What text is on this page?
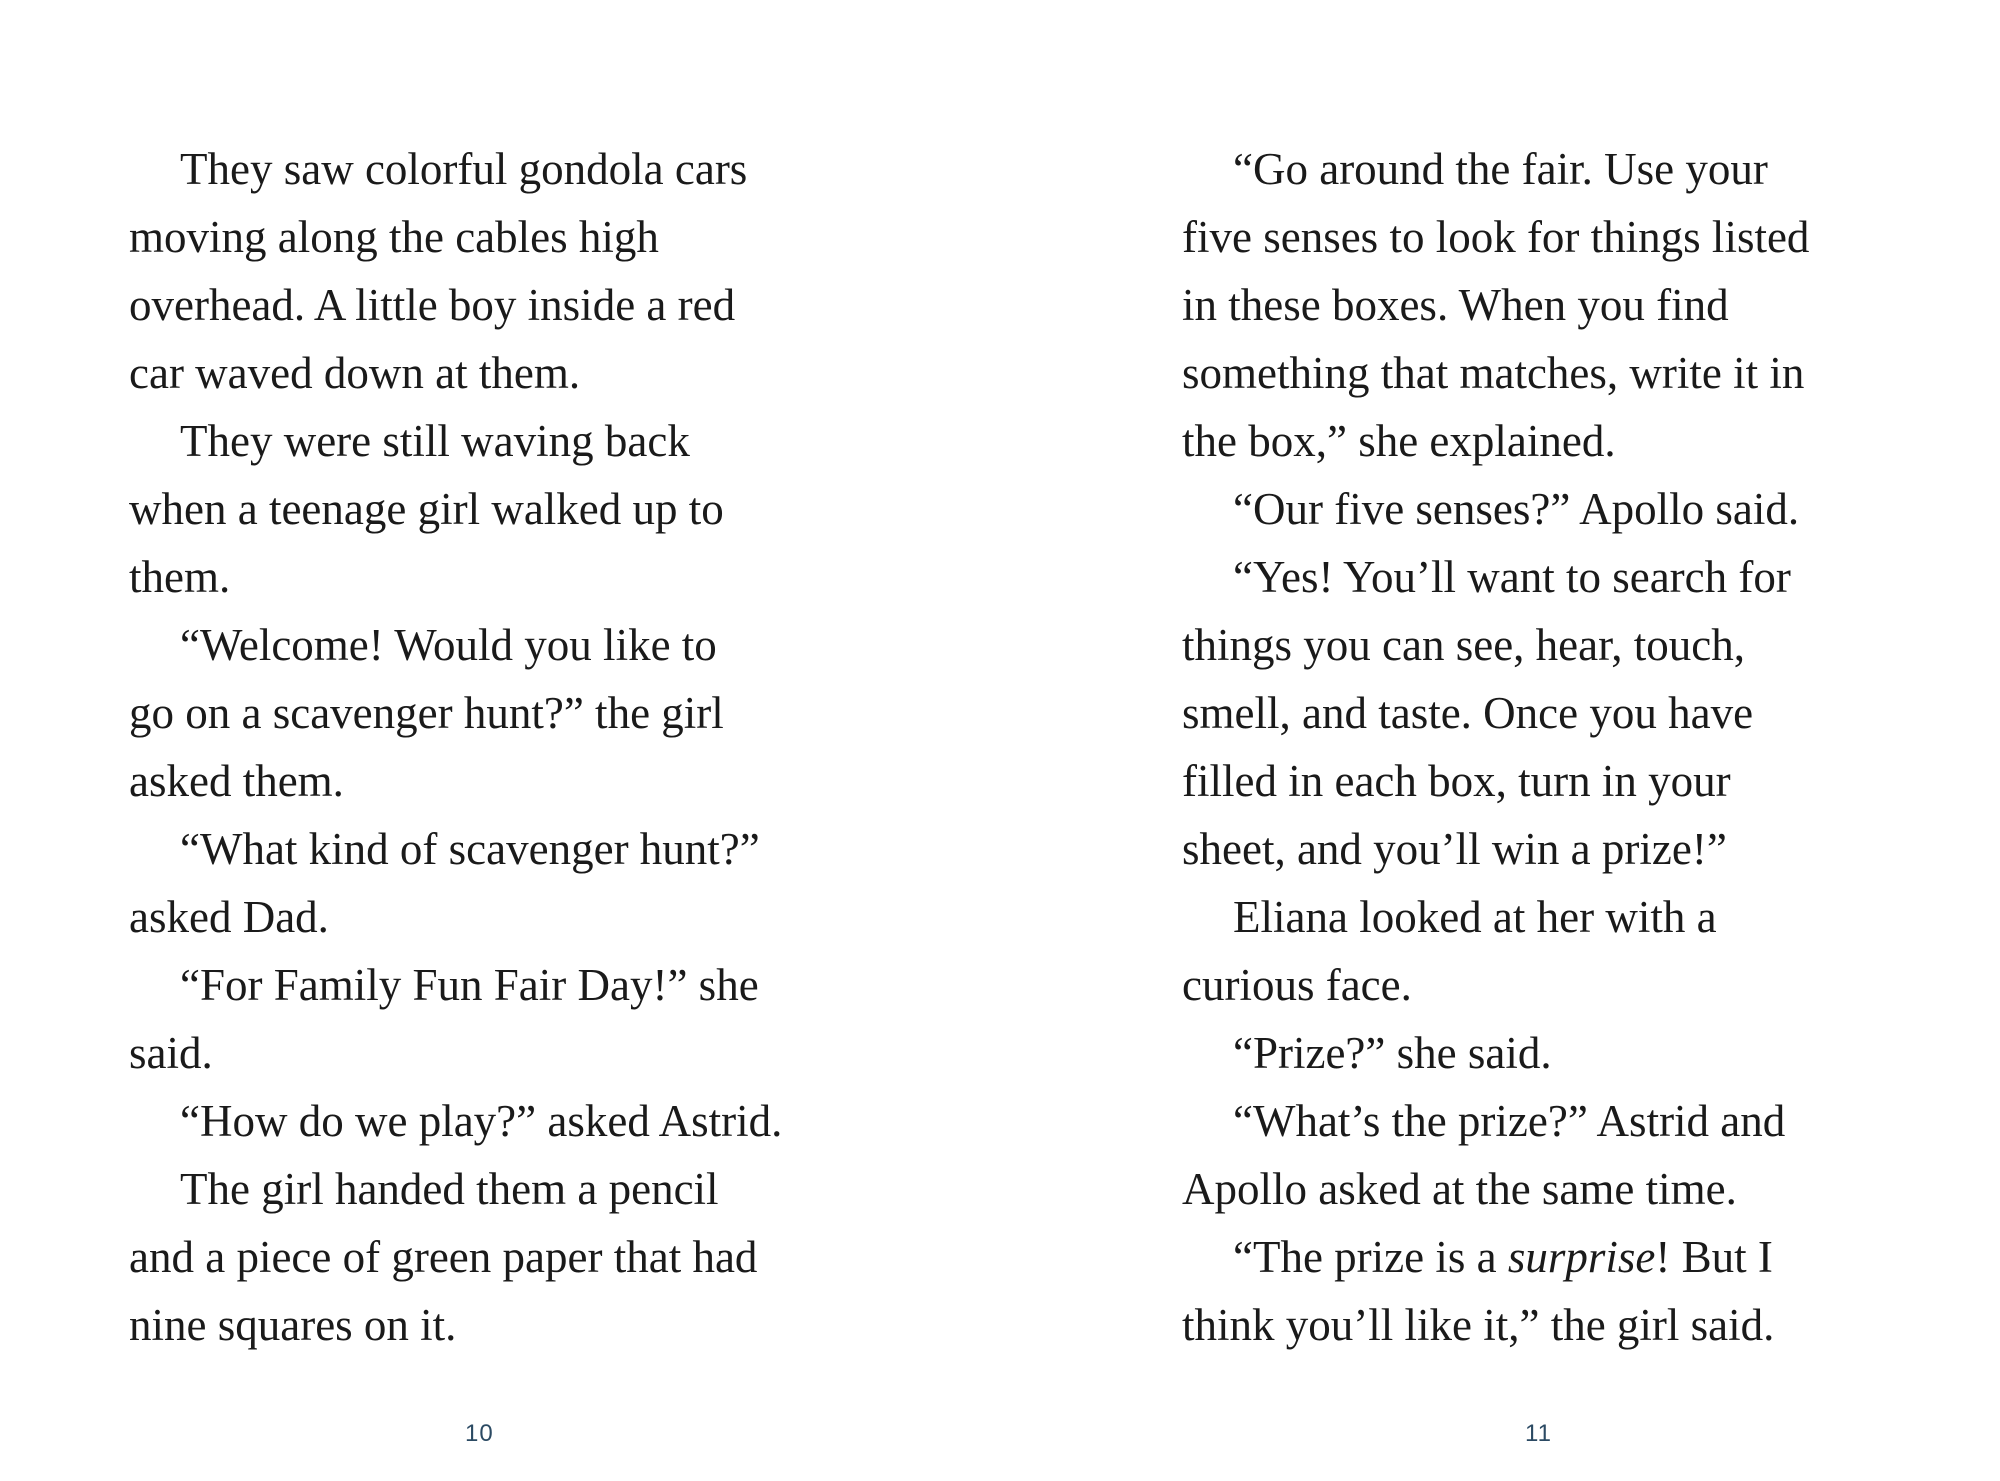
They saw colorful gondola cars
moving along the cables high
overhead. A little boy inside a red
car waved down at them.
They were still waving back
when a teenage girl walked up to
them.
“Welcome! Would you like to
go on a scavenger hunt?” the girl
asked them.
“What kind of scavenger hunt?”
asked Dad.
“For Family Fun Fair Day!” she
said.
“How do we play?” asked Astrid.
The girl handed them a pencil
and a piece of green paper that had
nine squares on it.
10
“Go around the fair. Use your
five senses to look for things listed
in these boxes. When you find
something that matches, write it in
the box,” she explained.
“Our five senses?” Apollo said.
“Yes! You’ll want to search for
things you can see, hear, touch,
smell, and taste. Once you have
filled in each box, turn in your
sheet, and you’ll win a prize!”
Eliana looked at her with a
curious face.
“Prize?” she said.
“What’s the prize?” Astrid and
Apollo asked at the same time.
“The prize is a surprise! But I
think you’ll like it,” the girl said.
11
